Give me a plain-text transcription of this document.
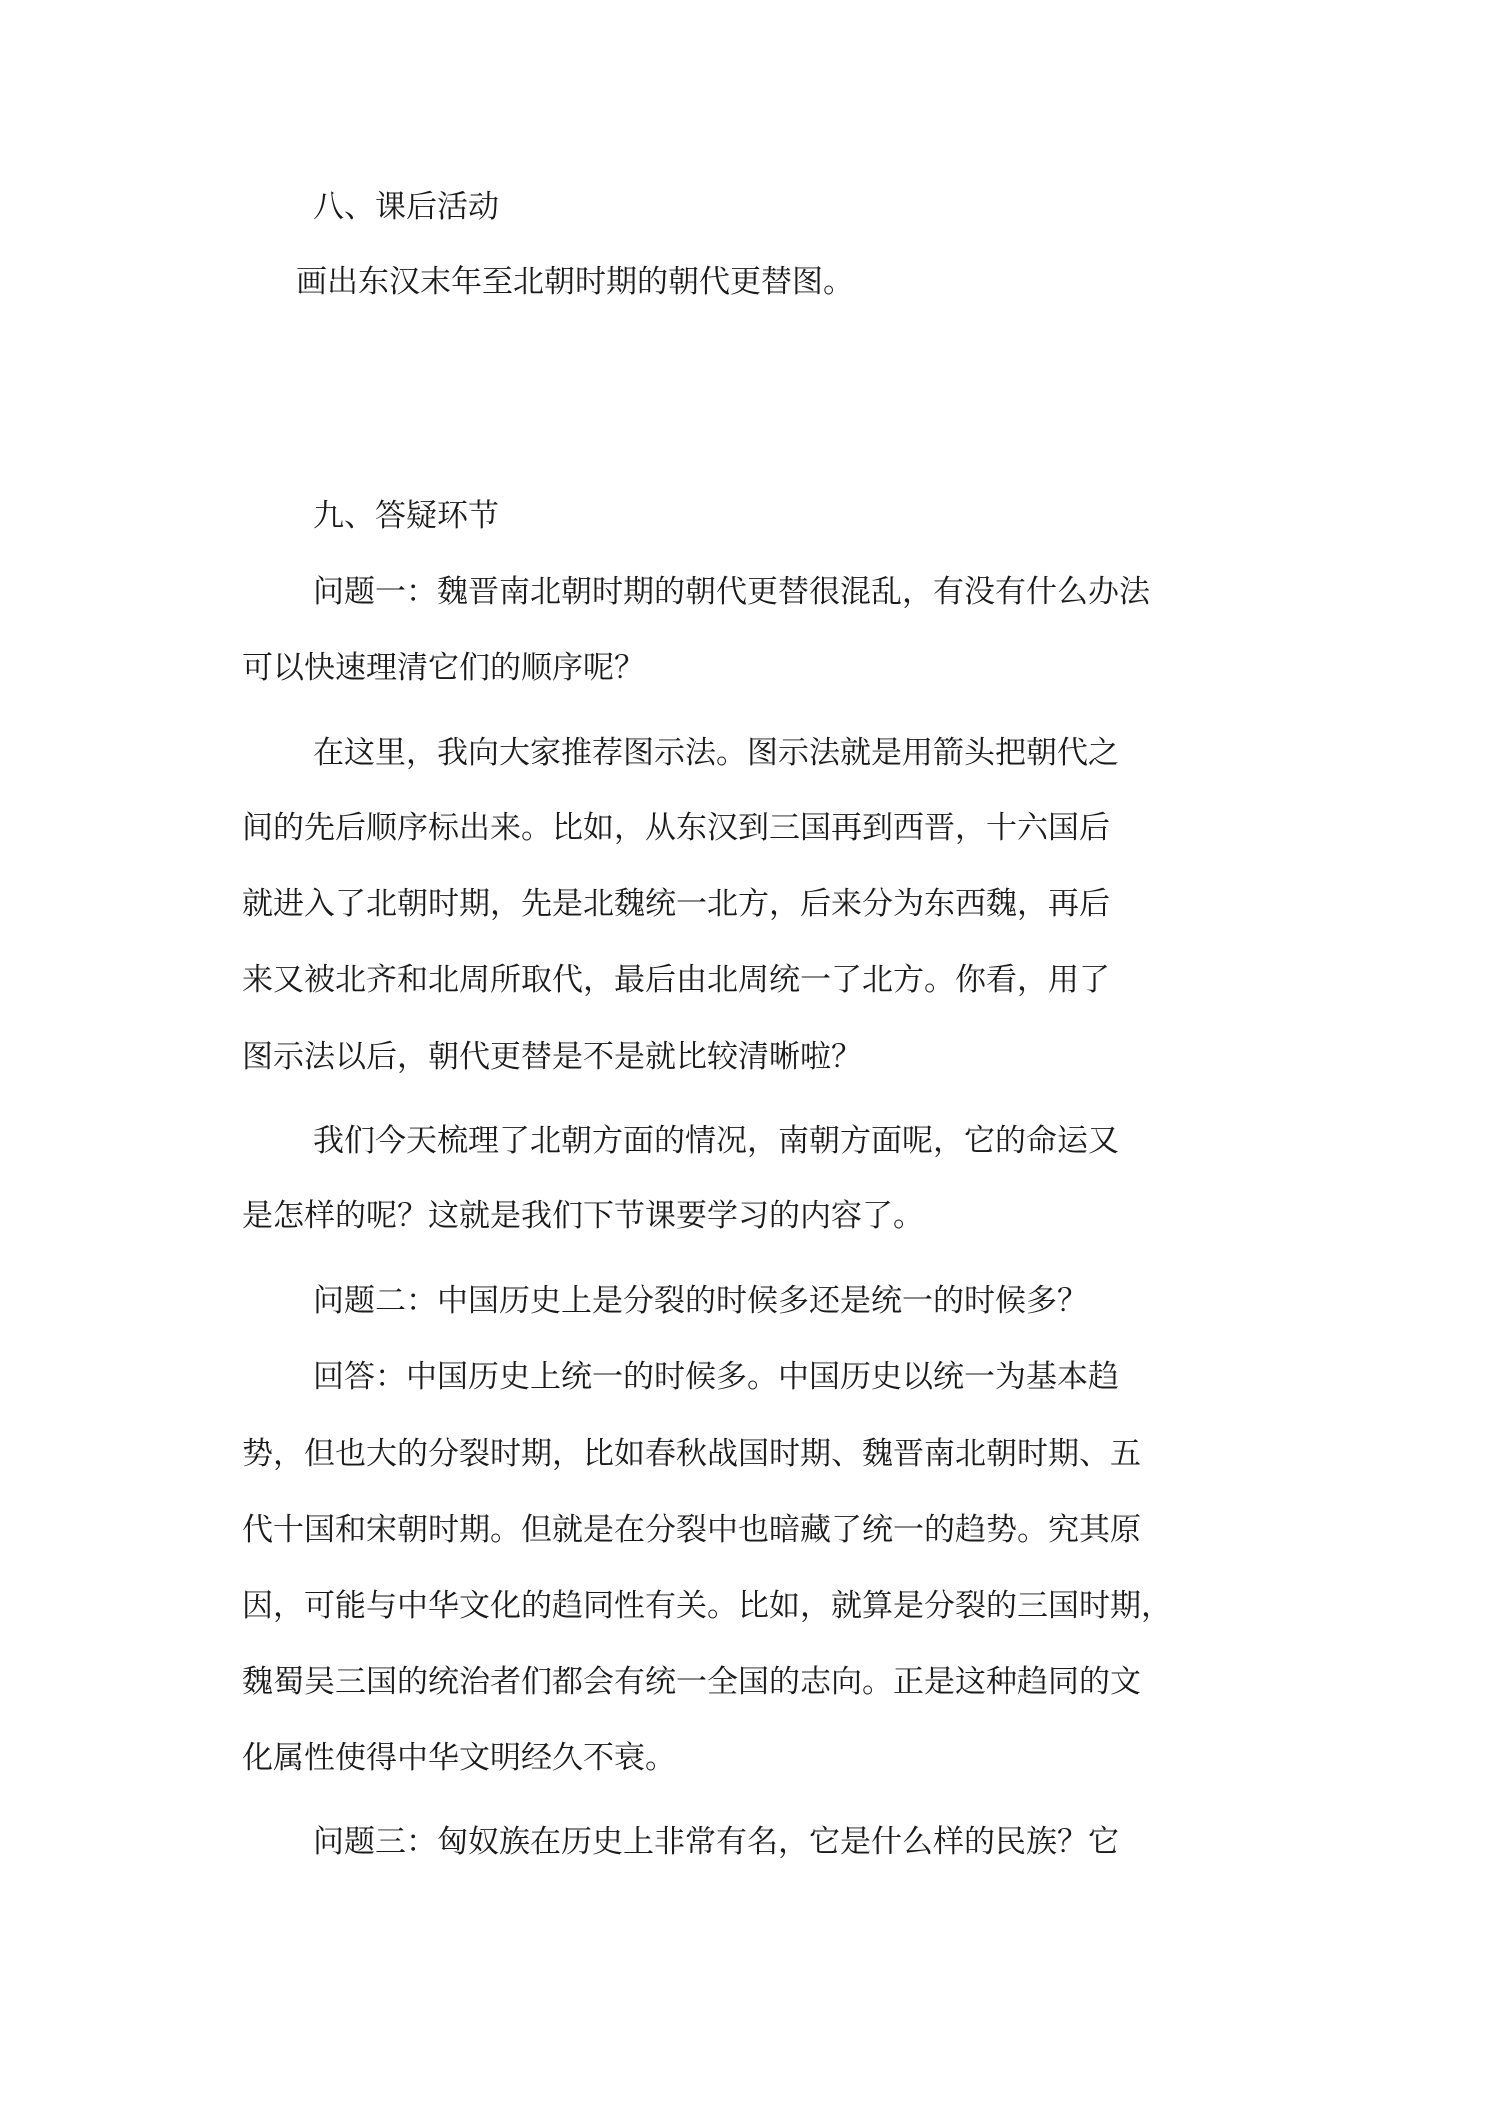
八、课后活动

画出东汉末年至北朝时期的朝代更替图。

九、答疑环节

问题一：魏晋南北朝时期的朝代更替很混乱，有没有什么办法

可以快速理清它们的顺序呢？

在这里，我向大家推荐图示法。图示法就是用箭头把朝代之

间的先后顺序标出来。比如，从东汉到三国再到西晋，十六国后

就进入了北朝时期，先是北魏统一北方，后来分为东西魏，再后

来又被北齐和北周所取代，最后由北周统一了北方。你看，用了

图示法以后，朝代更替是不是就比较清晰啦？

我们今天梳理了北朝方面的情况，南朝方面呢，它的命运又

是怎样的呢？这就是我们下节课要学习的内容了。

问题二：中国历史上是分裂的时候多还是统一的时候多？

回答：中国历史上统一的时候多。中国历史以统一为基本趋

势，但也大的分裂时期，比如春秋战国时期、魏晋南北朝时期、五

代十国和宋朝时期。但就是在分裂中也暗藏了统一的趋势。究其原

因，可能与中华文化的趋同性有关。比如，就算是分裂的三国时期，

魏蜀吴三国的统治者们都会有统一全国的志向。正是这种趋同的文

化属性使得中华文明经久不衰。

问题三：匈奴族在历史上非常有名，它是什么样的民族？它
